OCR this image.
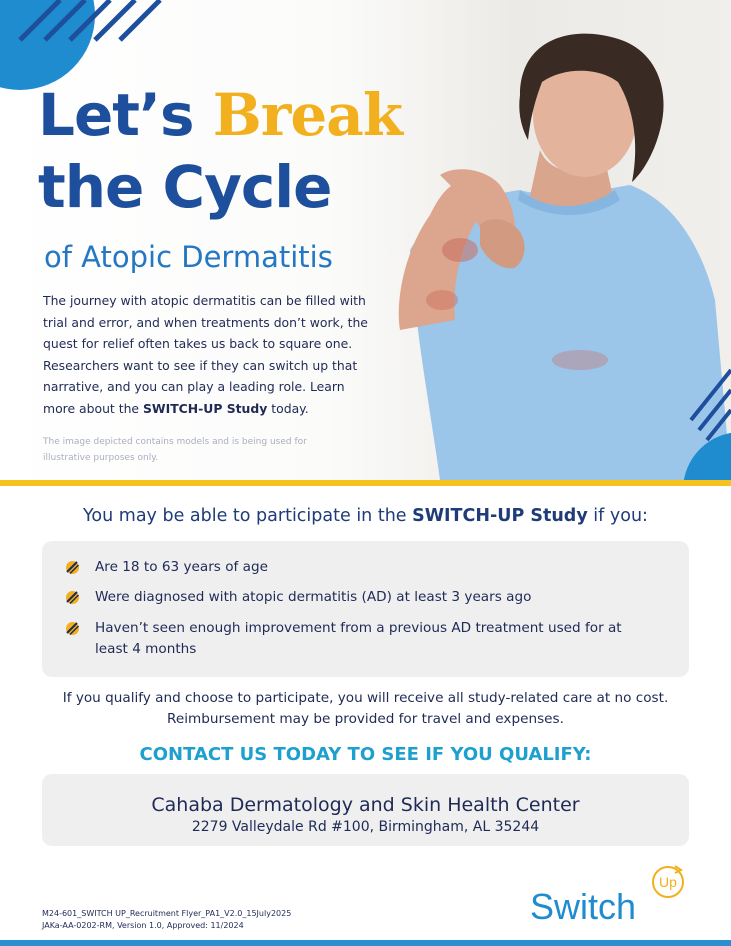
Let’s Break
the Cycle
of Atopic Dermatitis

The journey with atopic dermatitis can be filled with trial and error, and when treatments don’t work, the quest for relief often takes us back to square one. Researchers want to see if they can switch up that narrative, and you can play a leading role. Learn more about the SWITCH-UP Study today.

The image depicted contains models and is being used for illustrative purposes only.

You may be able to participate in the SWITCH-UP Study if you:
Are 18 to 63 years of age
Were diagnosed with atopic dermatitis (AD) at least 3 years ago
Haven’t seen enough improvement from a previous AD treatment used for at least 4 months

If you qualify and choose to participate, you will receive all study-related care at no cost. Reimbursement may be provided for travel and expenses.

CONTACT US TODAY TO SEE IF YOU QUALIFY:

Cahaba Dermatology and Skin Health Center

2279 Valleydale Rd #100, Birmingham, AL 35244

M24-601_SWITCH UP_Recruitment Flyer_PA1_V2.0_15July2025
JAKa-AA-0202-RM, Version 1.0, Approved: 11/2024	Switch
Up
